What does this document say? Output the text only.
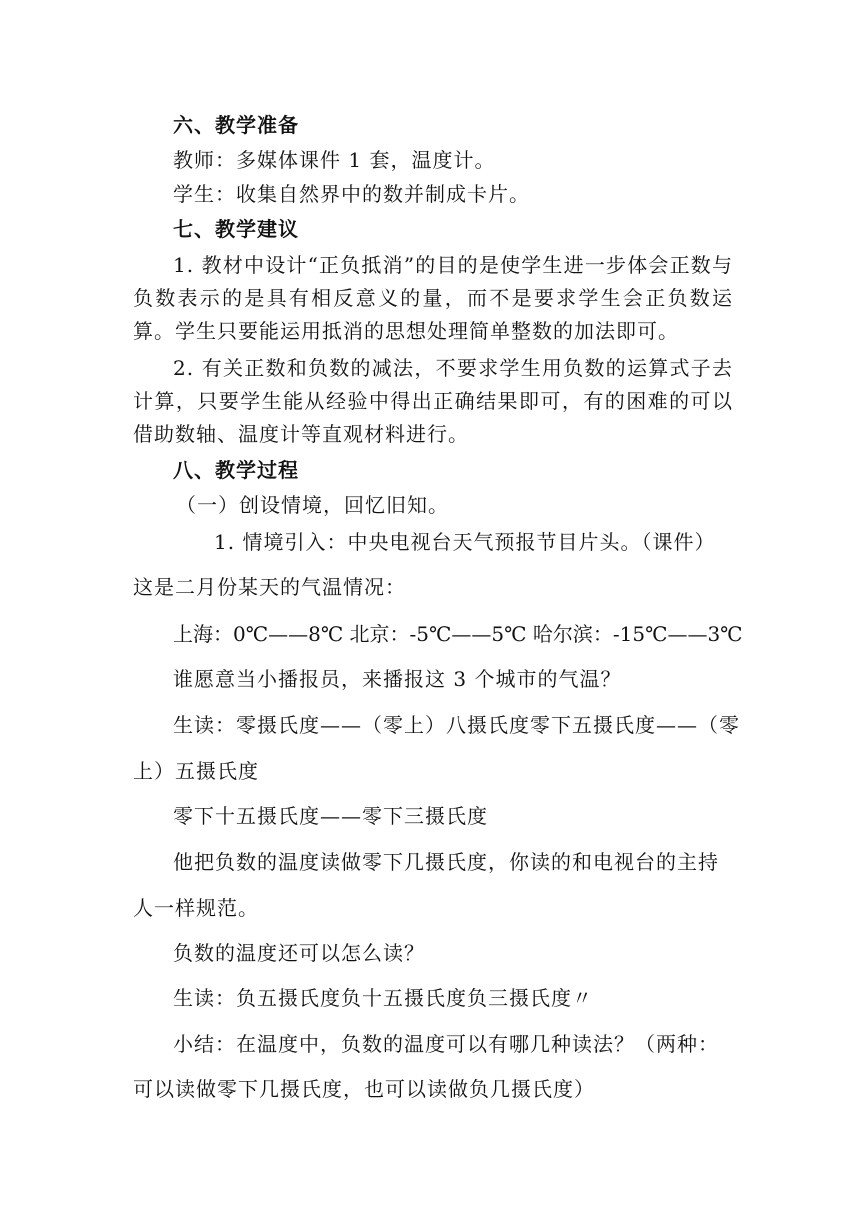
六、教学准备
教师：多媒体课件 1 套，温度计。
学生：收集自然界中的数并制成卡片。
七、教学建议
1. 教材中设计“正负抵消”的目的是使学生进一步体会正数与负数表示的是具有相反意义的量，而不是要求学生会正负数运算。学生只要能运用抵消的思想处理简单整数的加法即可。
2. 有关正数和负数的减法，不要求学生用负数的运算式子去计算，只要学生能从经验中得出正确结果即可，有的困难的可以借助数轴、温度计等直观材料进行。
八、教学过程
（一）创设情境，回忆旧知。
1. 情境引入：中央电视台天气预报节目片头。（课件）
这是二月份某天的气温情况：
上海：0℃——8℃ 北京：-5℃——5℃ 哈尔滨：-15℃——3℃
谁愿意当小播报员，来播报这 3 个城市的气温？
生读：零摄氏度——（零上）八摄氏度零下五摄氏度——（零
上）五摄氏度
零下十五摄氏度——零下三摄氏度
他把负数的温度读做零下几摄氏度，你读的和电视台的主持
人一样规范。
负数的温度还可以怎么读？
生读：负五摄氏度负十五摄氏度负三摄氏度〃
小结：在温度中，负数的温度可以有哪几种读法？（两种：
可以读做零下几摄氏度，也可以读做负几摄氏度）
